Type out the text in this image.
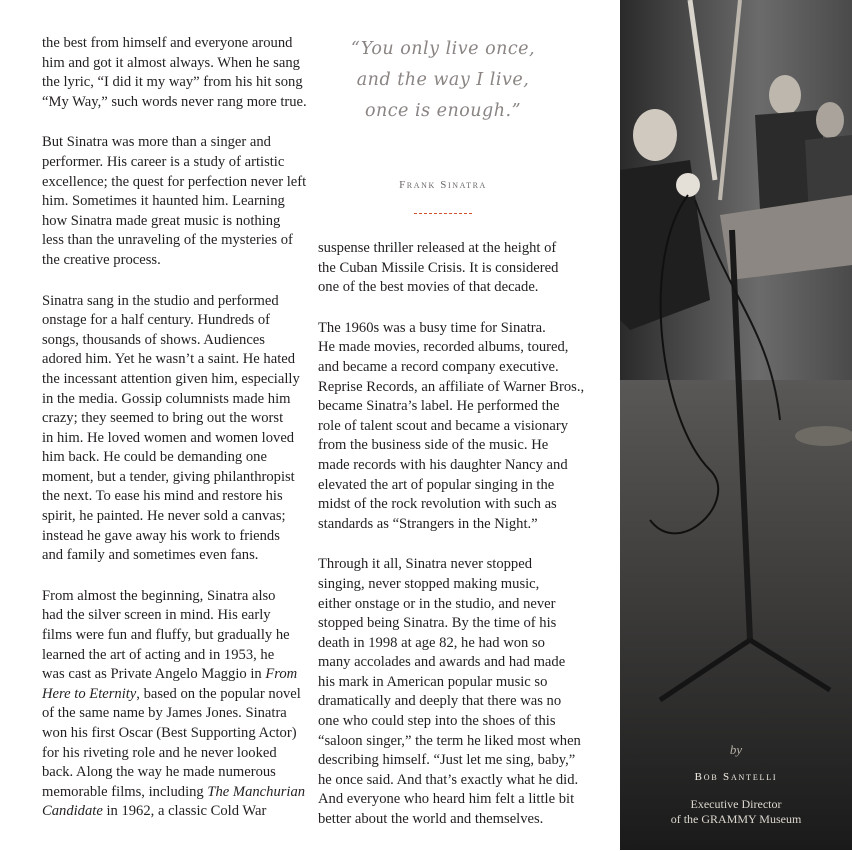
the best from himself and everyone around
him and got it almost always. When he sang
the lyric, “I did it my way” from his hit song
“My Way,” such words never rang more true.

But Sinatra was more than a singer and
performer. His career is a study of artistic
excellence; the quest for perfection never left
him. Sometimes it haunted him. Learning
how Sinatra made great music is nothing
less than the unraveling of the mysteries of
the creative process.

Sinatra sang in the studio and performed
onstage for a half century. Hundreds of
songs, thousands of shows. Audiences
adored him. Yet he wasn’t a saint. He hated
the incessant attention given him, especially
in the media. Gossip columnists made him
crazy; they seemed to bring out the worst
in him. He loved women and women loved
him back. He could be demanding one
moment, but a tender, giving philanthropist
the next. To ease his mind and restore his
spirit, he painted. He never sold a canvas;
instead he gave away his work to friends
and family and sometimes even fans.

From almost the beginning, Sinatra also
had the silver screen in mind. His early
films were fun and fluffy, but gradually he
learned the art of acting and in 1953, he
was cast as Private Angelo Maggio in From
Here to Eternity, based on the popular novel
of the same name by James Jones. Sinatra
won his first Oscar (Best Supporting Actor)
for his riveting role and he never looked
back. Along the way he made numerous
memorable films, including The Manchurian
Candidate in 1962, a classic Cold War

“You only live once,
and the way I live,
once is enough.”
Frank Sinatra

suspense thriller released at the height of
the Cuban Missile Crisis. It is considered
one of the best movies of that decade.

The 1960s was a busy time for Sinatra.
He made movies, recorded albums, toured,
and became a record company executive.
Reprise Records, an affiliate of Warner Bros.,
became Sinatra’s label. He performed the
role of talent scout and became a visionary
from the business side of the music. He
made records with his daughter Nancy and
elevated the art of popular singing in the
midst of the rock revolution with such as
standards as “Strangers in the Night.”

Through it all, Sinatra never stopped
singing, never stopped making music,
either onstage or in the studio, and never
stopped being Sinatra. By the time of his
death in 1998 at age 82, he had won so
many accolades and awards and had made
his mark in American popular music so
dramatically and deeply that there was no
one who could step into the shoes of this
“saloon singer,” the term he liked most when
describing himself. “Just let me sing, baby,”
he once said. And that’s exactly what he did.
And everyone who heard him felt a little bit
better about the world and themselves.

by
Bob Santelli
Executive Director
of the GRAMMY Museum
